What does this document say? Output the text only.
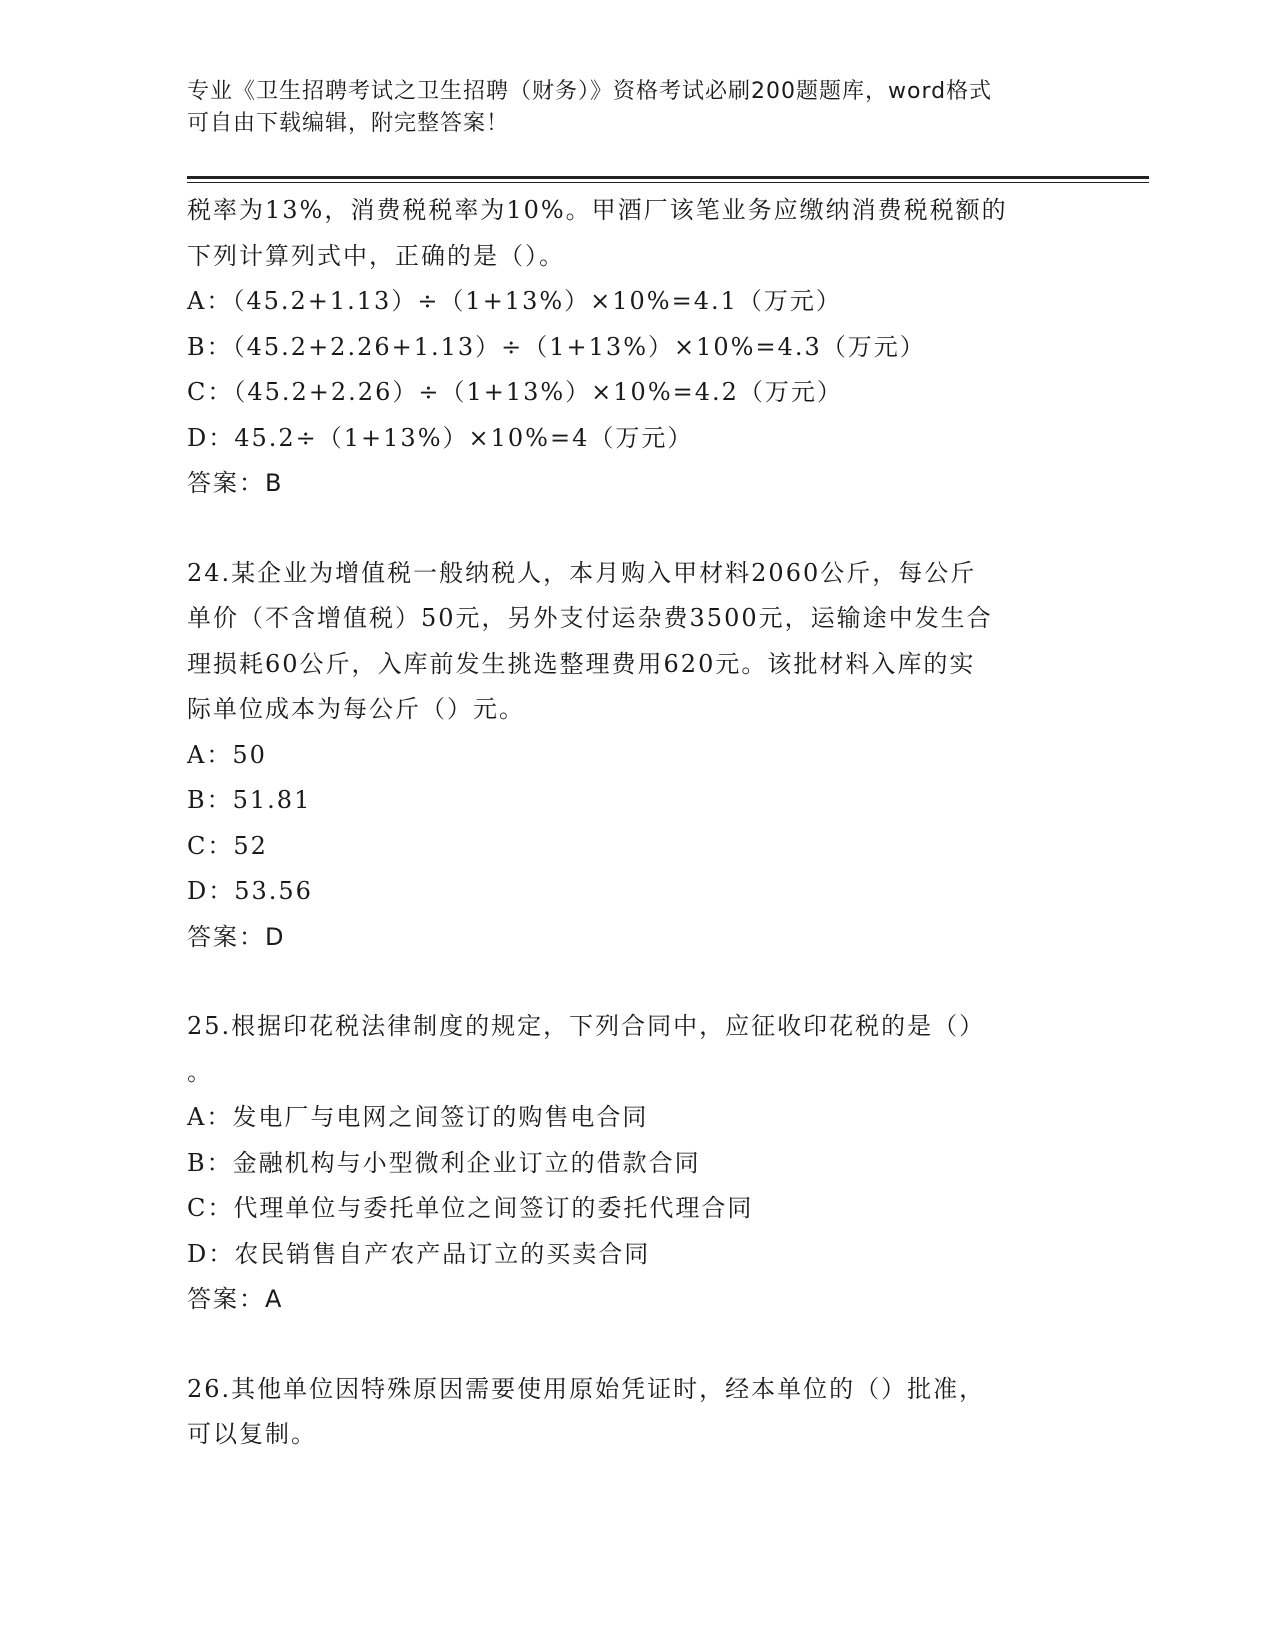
专业《卫生招聘考试之卫生招聘（财务）》资格考试必刷200题题库，word格式
可自由下载编辑，附完整答案！
税率为13%，消费税税率为10%。甲酒厂该笔业务应缴纳消费税税额的
下列计算列式中，正确的是（）。
A：（45.2+1.13）÷（1+13%）×10%=4.1（万元）
B：（45.2+2.26+1.13）÷（1+13%）×10%=4.3（万元）
C：（45.2+2.26）÷（1+13%）×10%=4.2（万元）
D：45.2÷（1+13%）×10%=4（万元）
答案：B
24.某企业为增值税一般纳税人，本月购入甲材料2060公斤，每公斤
单价（不含增值税）50元，另外支付运杂费3500元，运输途中发生合
理损耗60公斤，入库前发生挑选整理费用620元。该批材料入库的实
际单位成本为每公斤（）元。
A：50
B：51.81
C：52
D：53.56
答案：D
25.根据印花税法律制度的规定，下列合同中，应征收印花税的是（）
。
A：发电厂与电网之间签订的购售电合同
B：金融机构与小型微利企业订立的借款合同
C：代理单位与委托单位之间签订的委托代理合同
D：农民销售自产农产品订立的买卖合同
答案：A
26.其他单位因特殊原因需要使用原始凭证时，经本单位的（）批准，
可以复制。
